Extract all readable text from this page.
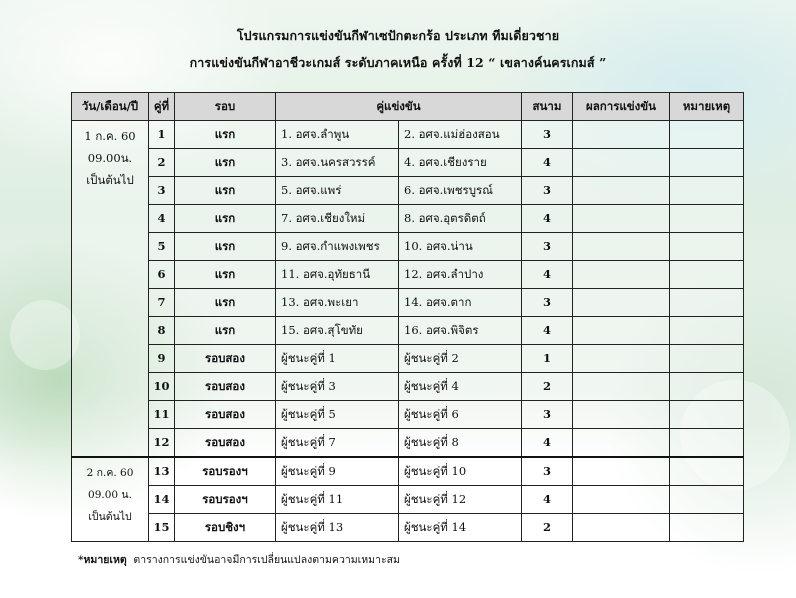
โปรแกรมการแข่งขันกีฬาเซปักตะกร้อ ประเภท ทีมเดี่ยวชาย
การแข่งขันกีฬาอาชีวะเกมส์ ระดับภาคเหนือ ครั้งที่ 12 “ เขลางค์นครเกมส์ ”
วัน/เดือน/ปี	คู่ที่	รอบ	คู่แข่งขัน		สนาม	ผลการแข่งขัน	หมายเหตุ

1 ก.ค. 60
09.00น.
เป็นต้นไป	1	แรก	1. อศจ.ลำพูน	2. อศจ.แม่ฮ่องสอน	3		
	2	แรก	3. อศจ.นครสวรรค์	4. อศจ.เชียงราย	4		
	3	แรก	5. อศจ.แพร่	6. อศจ.เพชรบูรณ์	3		
	4	แรก	7. อศจ.เชียงใหม่	8. อศจ.อุตรดิตถ์	4		
	5	แรก	9. อศจ.กำแพงเพชร	10. อศจ.น่าน	3		
	6	แรก	11. อศจ.อุทัยธานี	12. อศจ.ลำปาง	4		
	7	แรก	13. อศจ.พะเยา	14. อศจ.ตาก	3		
	8	แรก	15. อศจ.สุโขทัย	16. อศจ.พิจิตร	4		
	9	รอบสอง	ผู้ชนะคู่ที่ 1	ผู้ชนะคู่ที่ 2	1		
	10	รอบสอง	ผู้ชนะคู่ที่ 3	ผู้ชนะคู่ที่ 4	2		
	11	รอบสอง	ผู้ชนะคู่ที่ 5	ผู้ชนะคู่ที่ 6	3		
	12	รอบสอง	ผู้ชนะคู่ที่ 7	ผู้ชนะคู่ที่ 8	4		

2 ก.ค. 60
09.00 น.
เป็นต้นไป	13	รอบรองฯ	ผู้ชนะคู่ที่ 9	ผู้ชนะคู่ที่ 10	3		
	14	รอบรองฯ	ผู้ชนะคู่ที่ 11	ผู้ชนะคู่ที่ 12	4		
	15	รอบชิงฯ	ผู้ชนะคู่ที่ 13	ผู้ชนะคู่ที่ 14	2		
*หมายเหตุ ตารางการแข่งขันอาจมีการเปลี่ยนแปลงตามความเหมาะสม
